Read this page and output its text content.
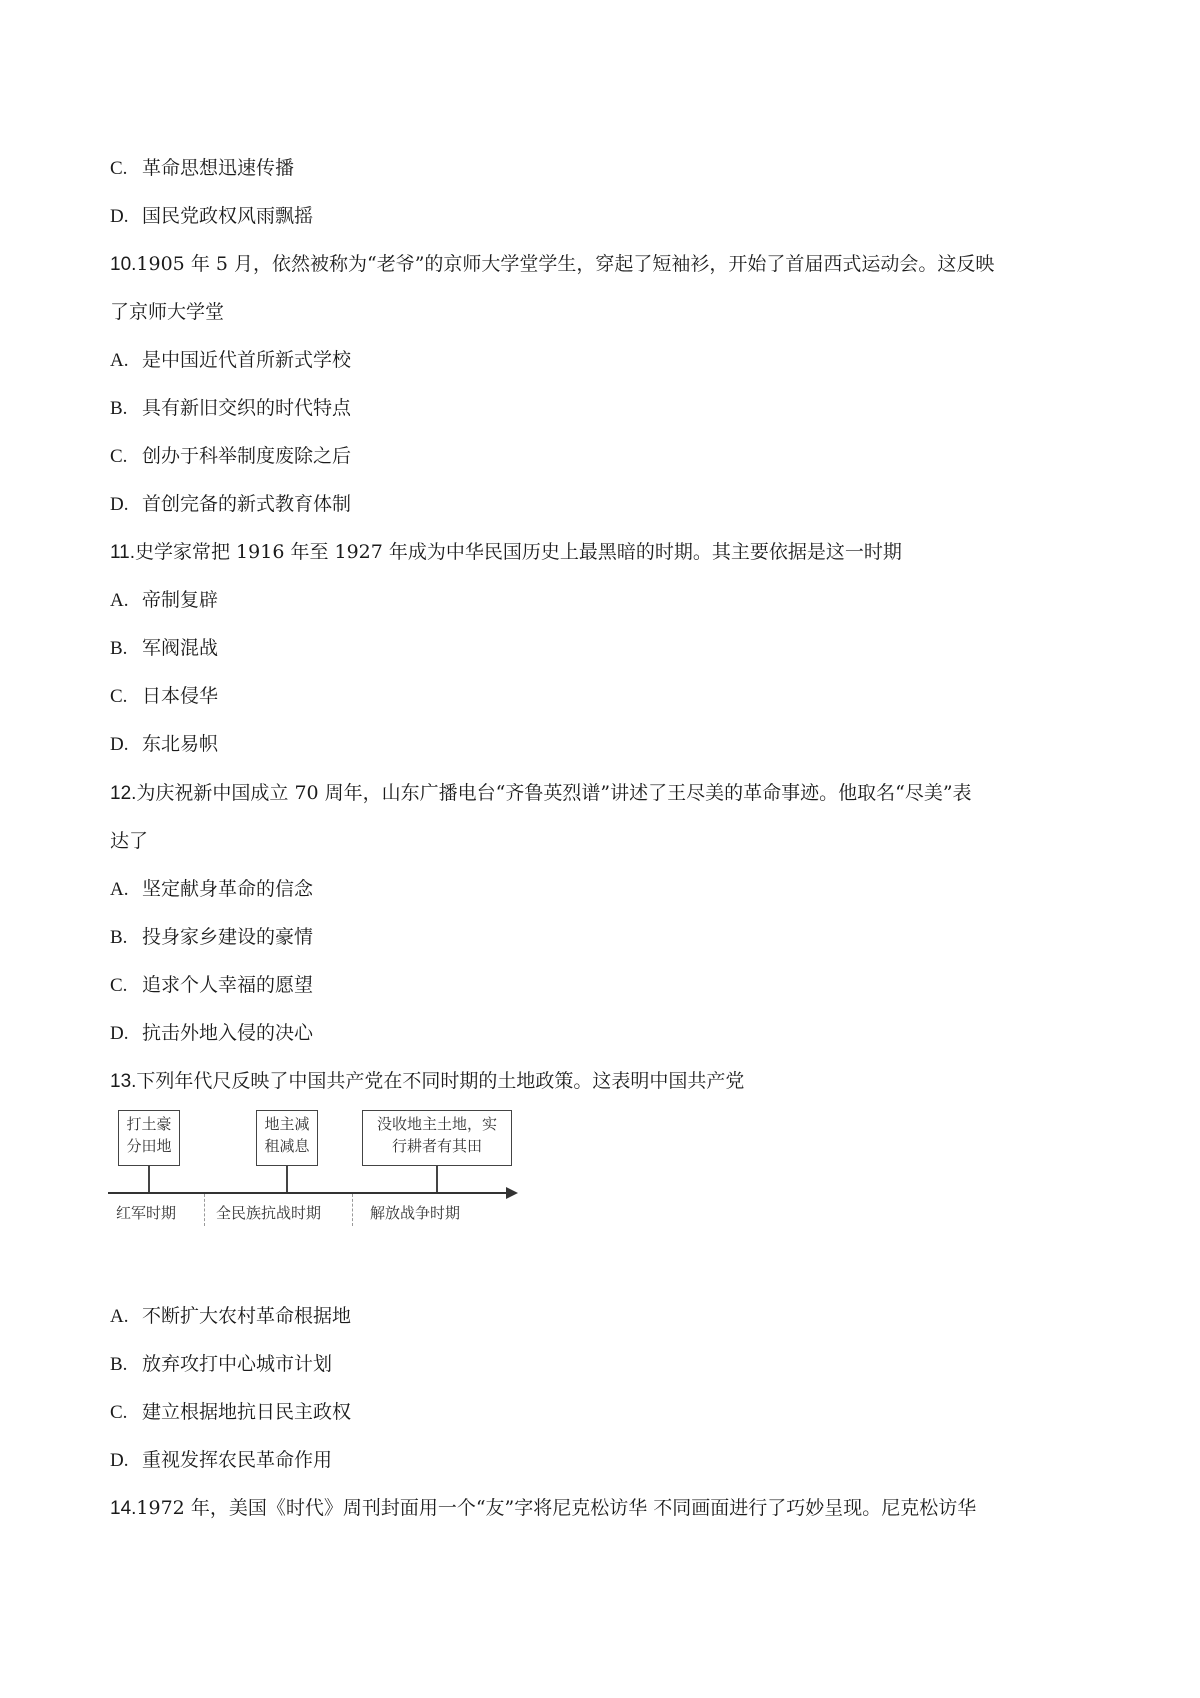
C. 革命思想迅速传播
D. 国民党政权风雨飘摇
10.1905 年 5 月，依然被称为“老爷”的京师大学堂学生，穿起了短袖衫，开始了首届西式运动会。这反映
了京师大学堂
A. 是中国近代首所新式学校
B. 具有新旧交织的时代特点
C. 创办于科举制度废除之后
D. 首创完备的新式教育体制
11.史学家常把 1916 年至 1927 年成为中华民国历史上最黑暗的时期。其主要依据是这一时期
A. 帝制复辟
B. 军阀混战
C. 日本侵华
D. 东北易帜
12.为庆祝新中国成立 70 周年，山东广播电台“齐鲁英烈谱”讲述了王尽美的革命事迹。他取名“尽美”表
达了
A. 坚定献身革命的信念
B. 投身家乡建设的豪情
C. 追求个人幸福的愿望
D. 抗击外地入侵的决心
13.下列年代尺反映了中国共产党在不同时期的土地政策。这表明中国共产党
打土豪
分田地
地主减
租减息
没收地主土地，实
行耕者有其田
红军时期	全民族抗战时期	解放战争时期
A. 不断扩大农村革命根据地
B. 放弃攻打中心城市计划
C. 建立根据地抗日民主政权
D. 重视发挥农民革命作用
14.1972 年，美国《时代》周刊封面用一个“友”字将尼克松访华 不同画面进行了巧妙呈现。尼克松访华
